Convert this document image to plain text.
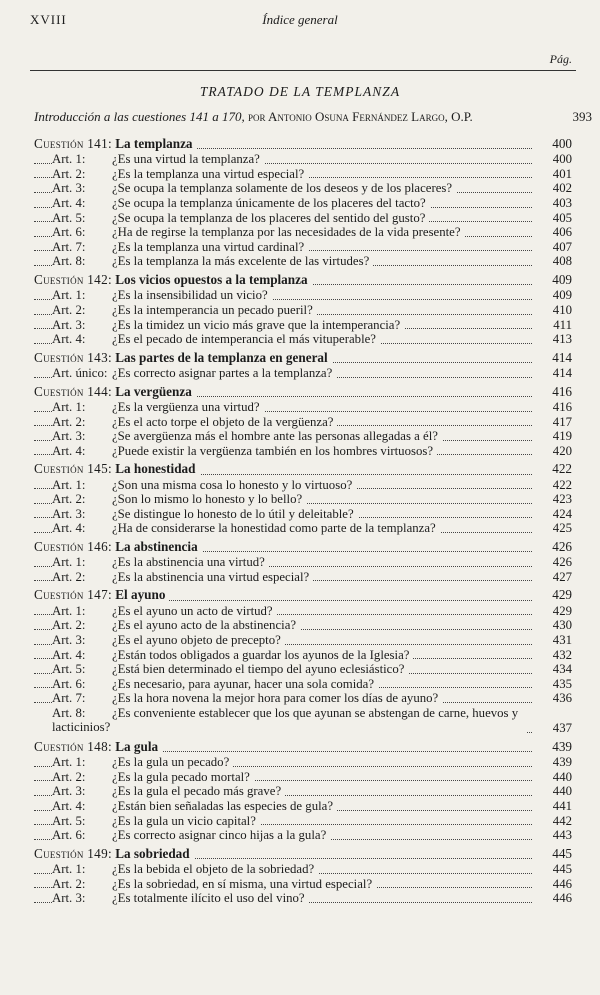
XVIII	Índice general
Pág.
TRATADO DE LA TEMPLANZA
Introducción a las cuestiones 141 a 170, por Antonio Osuna Fernández Largo, O.P.	393
Cuestión 141: La templanza	400
Art. 1: ¿Es una virtud la templanza?	400
Art. 2: ¿Es la templanza una virtud especial?	401
Art. 3: ¿Se ocupa la templanza solamente de los deseos y de los placeres?	402
Art. 4: ¿Se ocupa la templanza únicamente de los placeres del tacto?	403
Art. 5: ¿Se ocupa la templanza de los placeres del sentido del gusto?	405
Art. 6: ¿Ha de regirse la templanza por las necesidades de la vida presente?	406
Art. 7: ¿Es la templanza una virtud cardinal?	407
Art. 8: ¿Es la templanza la más excelente de las virtudes?	408
Cuestión 142: Los vicios opuestos a la templanza	409
Art. 1: ¿Es la insensibilidad un vicio?	409
Art. 2: ¿Es la intemperancia un pecado pueril?	410
Art. 3: ¿Es la timidez un vicio más grave que la intemperancia?	411
Art. 4: ¿Es el pecado de intemperancia el más vituperable?	413
Cuestión 143: Las partes de la templanza en general	414
Art. único: ¿Es correcto asignar partes a la templanza?	414
Cuestión 144: La vergüenza	416
Art. 1: ¿Es la vergüenza una virtud?	416
Art. 2: ¿Es el acto torpe el objeto de la vergüenza?	417
Art. 3: ¿Se avergüenza más el hombre ante las personas allegadas a él?	419
Art. 4: ¿Puede existir la vergüenza también en los hombres virtuosos?	420
Cuestión 145: La honestidad	422
Art. 1: ¿Son una misma cosa lo honesto y lo virtuoso?	422
Art. 2: ¿Son lo mismo lo honesto y lo bello?	423
Art. 3: ¿Se distingue lo honesto de lo útil y deleitable?	424
Art. 4: ¿Ha de considerarse la honestidad como parte de la templanza?	425
Cuestión 146: La abstinencia	426
Art. 1: ¿Es la abstinencia una virtud?	426
Art. 2: ¿Es la abstinencia una virtud especial?	427
Cuestión 147: El ayuno	429
Art. 1: ¿Es el ayuno un acto de virtud?	429
Art. 2: ¿Es el ayuno acto de la abstinencia?	430
Art. 3: ¿Es el ayuno objeto de precepto?	431
Art. 4: ¿Están todos obligados a guardar los ayunos de la Iglesia?	432
Art. 5: ¿Está bien determinado el tiempo del ayuno eclesiástico?	434
Art. 6: ¿Es necesario, para ayunar, hacer una sola comida?	435
Art. 7: ¿Es la hora novena la mejor hora para comer los días de ayuno?	436
Art. 8: ¿Es conveniente establecer que los que ayunan se abstengan de carne, huevos y lacticinios?	437
Cuestión 148: La gula	439
Art. 1: ¿Es la gula un pecado?	439
Art. 2: ¿Es la gula pecado mortal?	440
Art. 3: ¿Es la gula el pecado más grave?	440
Art. 4: ¿Están bien señaladas las especies de gula?	441
Art. 5: ¿Es la gula un vicio capital?	442
Art. 6: ¿Es correcto asignar cinco hijas a la gula?	443
Cuestión 149: La sobriedad	445
Art. 1: ¿Es la bebida el objeto de la sobriedad?	445
Art. 2: ¿Es la sobriedad, en sí misma, una virtud especial?	446
Art. 3: ¿Es totalmente ilícito el uso del vino?	446
